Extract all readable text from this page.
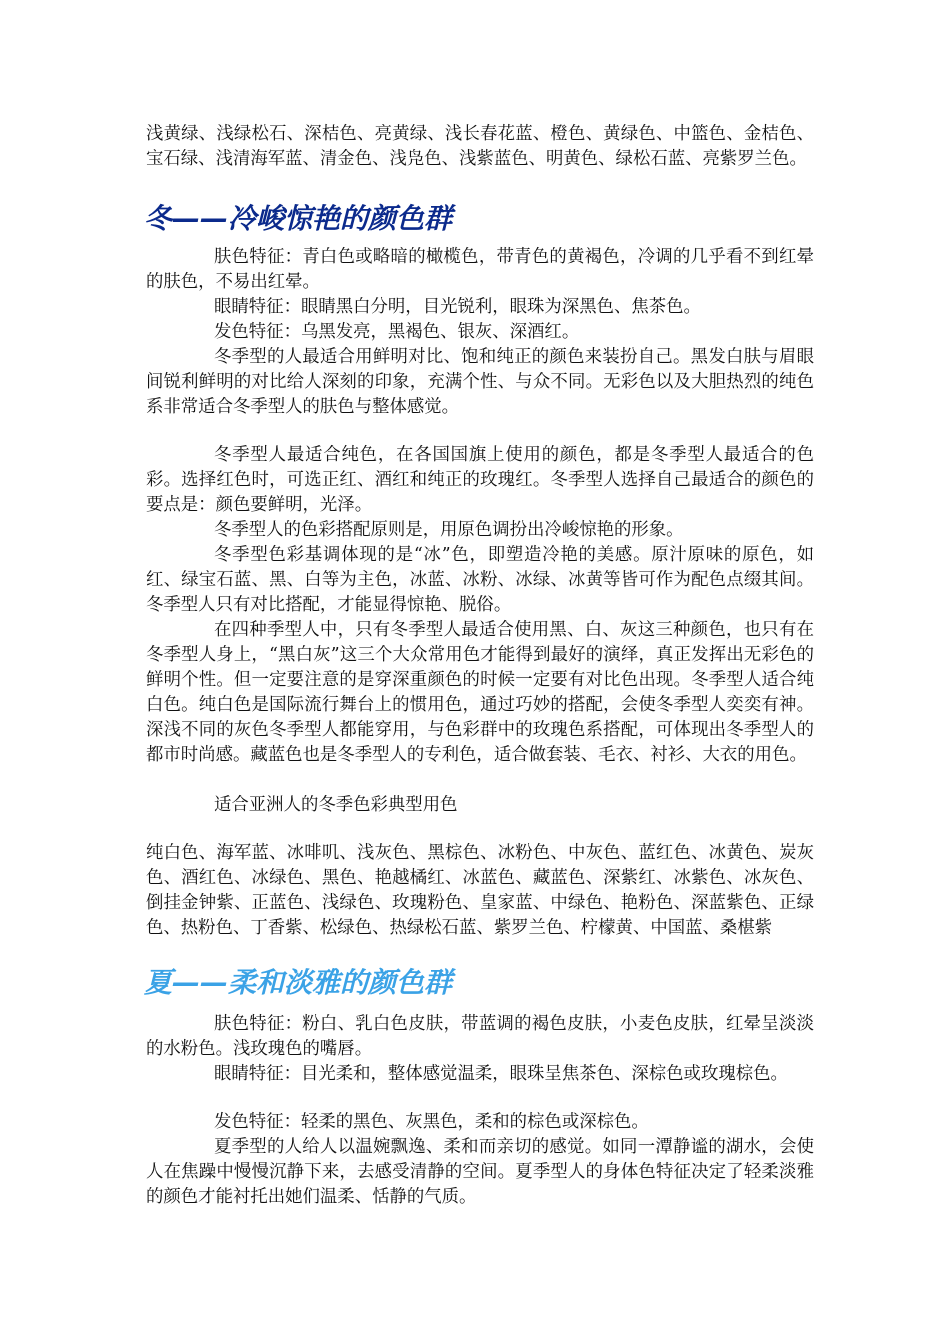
浅黄绿、浅绿松石、深桔色、亮黄绿、浅长春花蓝、橙色、黄绿色、中篮色、金桔色、宝石绿、浅清海军蓝、清金色、浅凫色、浅紫蓝色、明黄色、绿松石蓝、亮紫罗兰色。

冬——冷峻惊艳的颜色群

肤色特征：青白色或略暗的橄榄色，带青色的黄褐色，冷调的几乎看不到红晕的肤色，不易出红晕。

眼睛特征：眼睛黑白分明，目光锐利，眼珠为深黑色、焦茶色。

发色特征：乌黑发亮，黑褐色、银灰、深酒红。

冬季型的人最适合用鲜明对比、饱和纯正的颜色来装扮自己。黑发白肤与眉眼间锐利鲜明的对比给人深刻的印象，充满个性、与众不同。无彩色以及大胆热烈的纯色系非常适合冬季型人的肤色与整体感觉。

冬季型人最适合纯色，在各国国旗上使用的颜色，都是冬季型人最适合的色彩。选择红色时，可选正红、酒红和纯正的玫瑰红。冬季型人选择自己最适合的颜色的要点是：颜色要鲜明，光泽。

冬季型人的色彩搭配原则是，用原色调扮出冷峻惊艳的形象。

冬季型色彩基调体现的是“冰”色，即塑造冷艳的美感。原汁原味的原色，如红、绿宝石蓝、黑、白等为主色，冰蓝、冰粉、冰绿、冰黄等皆可作为配色点缀其间。冬季型人只有对比搭配，才能显得惊艳、脱俗。

在四种季型人中，只有冬季型人最适合使用黑、白、灰这三种颜色，也只有在冬季型人身上，“黑白灰”这三个大众常用色才能得到最好的演绎，真正发挥出无彩色的鲜明个性。但一定要注意的是穿深重颜色的时候一定要有对比色出现。冬季型人适合纯白色。纯白色是国际流行舞台上的惯用色，通过巧妙的搭配，会使冬季型人奕奕有神。深浅不同的灰色冬季型人都能穿用，与色彩群中的玫瑰色系搭配，可体现出冬季型人的都市时尚感。藏蓝色也是冬季型人的专利色，适合做套装、毛衣、衬衫、大衣的用色。

适合亚洲人的冬季色彩典型用色

纯白色、海军蓝、冰啡叽、浅灰色、黑棕色、冰粉色、中灰色、蓝红色、冰黄色、炭灰色、酒红色、冰绿色、黑色、艳越橘红、冰蓝色、藏蓝色、深紫红、冰紫色、冰灰色、倒挂金钟紫、正蓝色、浅绿色、玫瑰粉色、皇家蓝、中绿色、艳粉色、深蓝紫色、正绿色、热粉色、丁香紫、松绿色、热绿松石蓝、紫罗兰色、柠檬黄、中国蓝、桑椹紫

夏——柔和淡雅的颜色群

肤色特征：粉白、乳白色皮肤，带蓝调的褐色皮肤，小麦色皮肤，红晕呈淡淡的水粉色。浅玫瑰色的嘴唇。

眼睛特征：目光柔和，整体感觉温柔，眼珠呈焦茶色、深棕色或玫瑰棕色。

发色特征：轻柔的黑色、灰黑色，柔和的棕色或深棕色。

夏季型的人给人以温婉飘逸、柔和而亲切的感觉。如同一潭静谧的湖水，会使人在焦躁中慢慢沉静下来，去感受清静的空间。夏季型人的身体色特征决定了轻柔淡雅的颜色才能衬托出她们温柔、恬静的气质。
